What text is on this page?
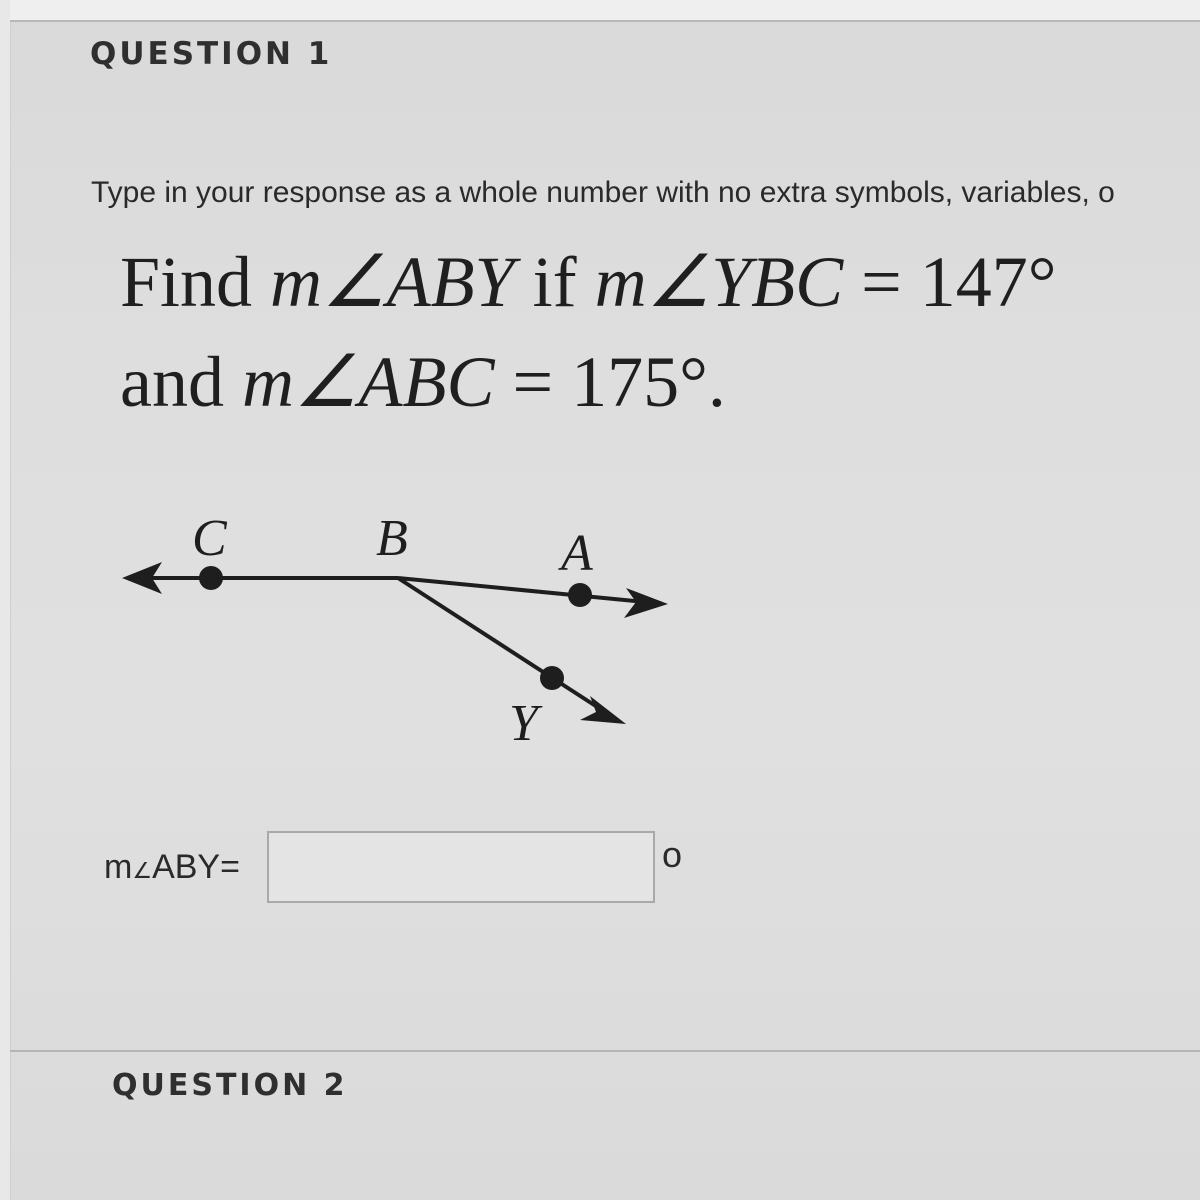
QUESTION 1
Type in your response as a whole number with no extra symbols, variables, o
Find m∠ABY if m∠YBC = 147°
and m∠ABC = 175°.
C	B	A
Y
m∠ABY=	o
QUESTION 2
